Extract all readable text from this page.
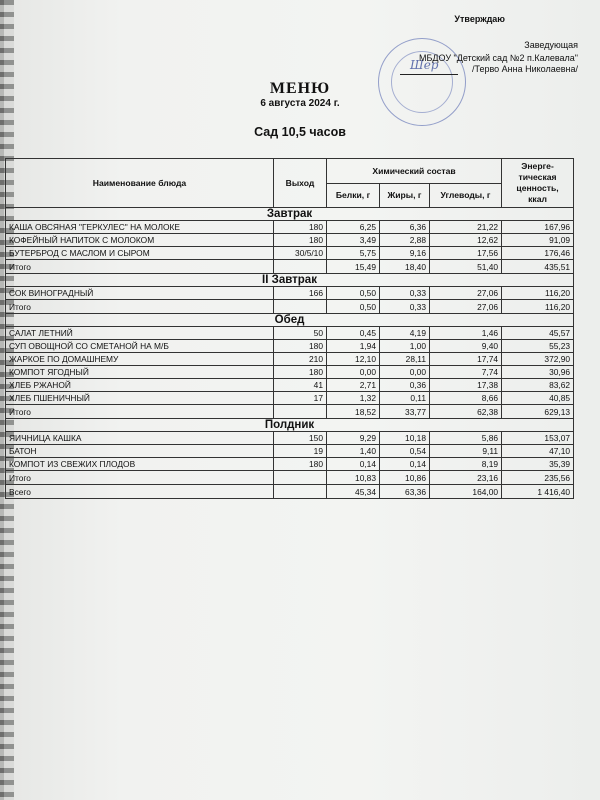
Шер
Утверждаю
Заведующая
МБДОУ "Детский сад №2 п.Калевала"
/Терво Анна Николаевна/
МЕНЮ
6 августа 2024 г.
Сад 10,5 часов
Наименование блюда	Выход	Химический состав			Энерге-тическая ценность, ккал
		Белки, г	Жиры, г	Углеводы, г	
Завтрак					
КАША ОВСЯНАЯ "ГЕРКУЛЕС" НА МОЛОКЕ	180	6,25	6,36	21,22	167,96
КОФЕЙНЫЙ НАПИТОК С МОЛОКОМ	180	3,49	2,88	12,62	91,09
БУТЕРБРОД С МАСЛОМ И СЫРОМ	30/5/10	5,75	9,16	17,56	176,46
Итого		15,49	18,40	51,40	435,51
II Завтрак					
СОК ВИНОГРАДНЫЙ	166	0,50	0,33	27,06	116,20
Итого		0,50	0,33	27,06	116,20
Обед					
САЛАТ ЛЕТНИЙ	50	0,45	4,19	1,46	45,57
СУП ОВОЩНОЙ СО СМЕТАНОЙ НА М/Б	180	1,94	1,00	9,40	55,23
ЖАРКОЕ ПО ДОМАШНЕМУ	210	12,10	28,11	17,74	372,90
КОМПОТ ЯГОДНЫЙ	180	0,00	0,00	7,74	30,96
ХЛЕБ РЖАНОЙ	41	2,71	0,36	17,38	83,62
ХЛЕБ ПШЕНИЧНЫЙ	17	1,32	0,11	8,66	40,85
Итого		18,52	33,77	62,38	629,13
Полдник					
ЯИЧНИЦА КАШКА	150	9,29	10,18	5,86	153,07
БАТОН	19	1,40	0,54	9,11	47,10
КОМПОТ ИЗ СВЕЖИХ ПЛОДОВ	180	0,14	0,14	8,19	35,39
Итого		10,83	10,86	23,16	235,56
Всего		45,34	63,36	164,00	1 416,40
